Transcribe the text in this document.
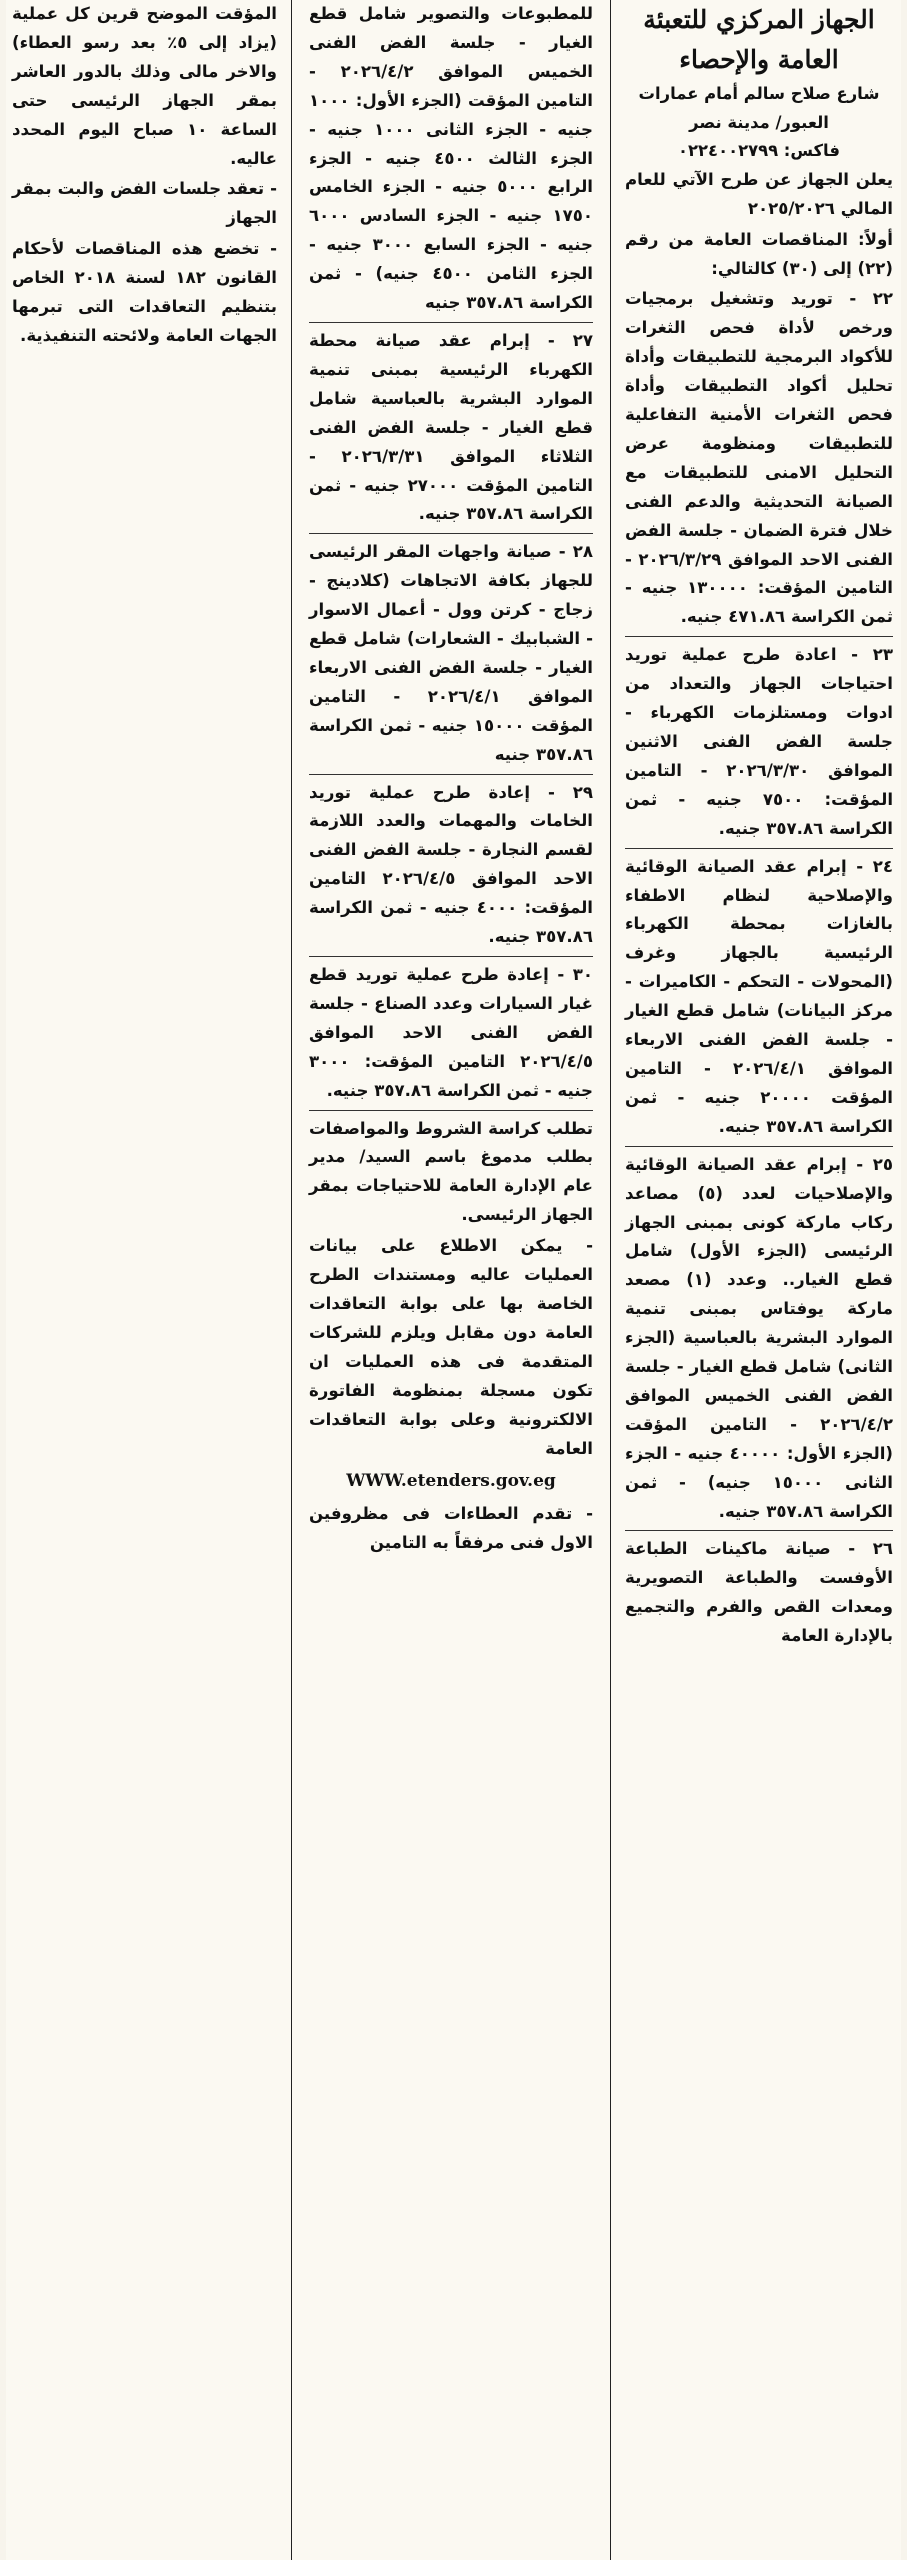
الجهاز المركزي للتعبئة العامة والإحصاء
شارع صلاح سالم أمام عمارات العبور/ مدينة نصر
فاكس: ٠٢٢٤٠٠٢٧٩٩
يعلن الجهاز عن طرح الآتي للعام المالي ٢٠٢٥/٢٠٢٦
أولاً: المناقصات العامة من رقم (٢٢) إلى (٣٠) كالتالي:
٢٢ - توريد وتشغيل برمجيات ورخص لأداة فحص الثغرات للأكواد البرمجية للتطبيقات وأداة تحليل أكواد التطبيقات وأداة فحص الثغرات الأمنية التفاعلية للتطبيقات ومنظومة عرض التحليل الامنى للتطبيقات مع الصيانة التحديثية والدعم الفنى خلال فترة الضمان - جلسة الفض الفنى الاحد الموافق ٢٠٢٦/٣/٢٩ - التامين المؤقت: ١٣٠٠٠٠ جنيه - ثمن الكراسة ٤٧١.٨٦ جنيه.
٢٣ - اعادة طرح عملية توريد احتياجات الجهاز والتعداد من ادوات ومستلزمات الكهرباء - جلسة الفض الفنى الاثنين الموافق ٢٠٢٦/٣/٣٠ - التامين المؤقت: ٧٥٠٠ جنيه - ثمن الكراسة ٣٥٧.٨٦ جنيه.
٢٤ - إبرام عقد الصيانة الوقائية والإصلاحية لنظام الاطفاء بالغازات بمحطة الكهرباء الرئيسية بالجهاز وغرف (المحولات - التحكم - الكاميرات - مركز البيانات) شامل قطع الغيار - جلسة الفض الفنى الاربعاء الموافق ٢٠٢٦/٤/١ - التامين المؤقت ٢٠٠٠٠ جنيه - ثمن الكراسة ٣٥٧.٨٦ جنيه.
٢٥ - إبرام عقد الصيانة الوقائية والإصلاحيات لعدد (٥) مصاعد ركاب ماركة كونى بمبنى الجهاز الرئيسى (الجزء الأول) شامل قطع الغيار.. وعدد (١) مصعد ماركة يوفتاس بمبنى تنمية الموارد البشرية بالعباسية (الجزء الثانى) شامل قطع الغيار - جلسة الفض الفنى الخميس الموافق ٢٠٢٦/٤/٢ - التامين المؤقت (الجزء الأول: ٤٠٠٠٠ جنيه - الجزء الثانى ١٥٠٠٠ جنيه) - ثمن الكراسة ٣٥٧.٨٦ جنيه.
٢٦ - صيانة ماكينات الطباعة الأوفست والطباعة التصويرية ومعدات القص والفرم والتجميع بالإدارة العامة
للمطبوعات والتصوير شامل قطع الغيار - جلسة الفض الفنى الخميس الموافق ٢٠٢٦/٤/٢ - التامين المؤقت (الجزء الأول: ١٠٠٠ جنيه - الجزء الثانى ١٠٠٠ جنيه - الجزء الثالث ٤٥٠٠ جنيه - الجزء الرابع ٥٠٠٠ جنيه - الجزء الخامس ١٧٥٠ جنيه - الجزء السادس ٦٠٠٠ جنيه - الجزء السابع ٣٠٠٠ جنيه - الجزء الثامن ٤٥٠٠ جنيه) - ثمن الكراسة ٣٥٧.٨٦ جنيه
٢٧ - إبرام عقد صيانة محطة الكهرباء الرئيسية بمبنى تنمية الموارد البشرية بالعباسية شامل قطع الغيار - جلسة الفض الفنى الثلاثاء الموافق ٢٠٢٦/٣/٣١ - التامين المؤقت ٢٧٠٠٠ جنيه - ثمن الكراسة ٣٥٧.٨٦ جنيه.
٢٨ - صيانة واجهات المقر الرئيسى للجهاز بكافة الاتجاهات (كلادينج - زجاج - كرتن وول - أعمال الاسوار - الشبابيك - الشعارات) شامل قطع الغيار - جلسة الفض الفنى الاربعاء الموافق ٢٠٢٦/٤/١ - التامين المؤقت ١٥٠٠٠ جنيه - ثمن الكراسة ٣٥٧.٨٦ جنيه
٢٩ - إعادة طرح عملية توريد الخامات والمهمات والعدد اللازمة لقسم النجارة - جلسة الفض الفنى الاحد الموافق ٢٠٢٦/٤/٥ التامين المؤقت: ٤٠٠٠ جنيه - ثمن الكراسة ٣٥٧.٨٦ جنيه.
٣٠ - إعادة طرح عملية توريد قطع غيار السيارات وعدد الصناع - جلسة الفض الفنى الاحد الموافق ٢٠٢٦/٤/٥ التامين المؤقت: ٣٠٠٠ جنيه - ثمن الكراسة ٣٥٧.٨٦ جنيه.
تطلب كراسة الشروط والمواصفات بطلب مدموغ باسم السيد/ مدير عام الإدارة العامة للاحتياجات بمقر الجهاز الرئيسى.
- يمكن الاطلاع على بيانات العمليات عاليه ومستندات الطرح الخاصة بها على بوابة التعاقدات العامة دون مقابل ويلزم للشركات المتقدمة فى هذه العمليات ان تكون مسجلة بمنظومة الفاتورة الالكترونية وعلى بوابة التعاقدات العامة
WWW.etenders.gov.eg
- تقدم العطاءات فى مظروفين الاول فنى مرفقاً به التامين
المؤقت الموضح قرين كل عملية (يزاد إلى ٥٪ بعد رسو العطاء) والاخر مالى وذلك بالدور العاشر بمقر الجهاز الرئيسى حتى الساعة ١٠ صباح اليوم المحدد عاليه.
- تعقد جلسات الفض والبت بمقر الجهاز
- تخضع هذه المناقصات لأحكام القانون ١٨٢ لسنة ٢٠١٨ الخاص بتنظيم التعاقدات التى تبرمها الجهات العامة ولائحته التنفيذية.
